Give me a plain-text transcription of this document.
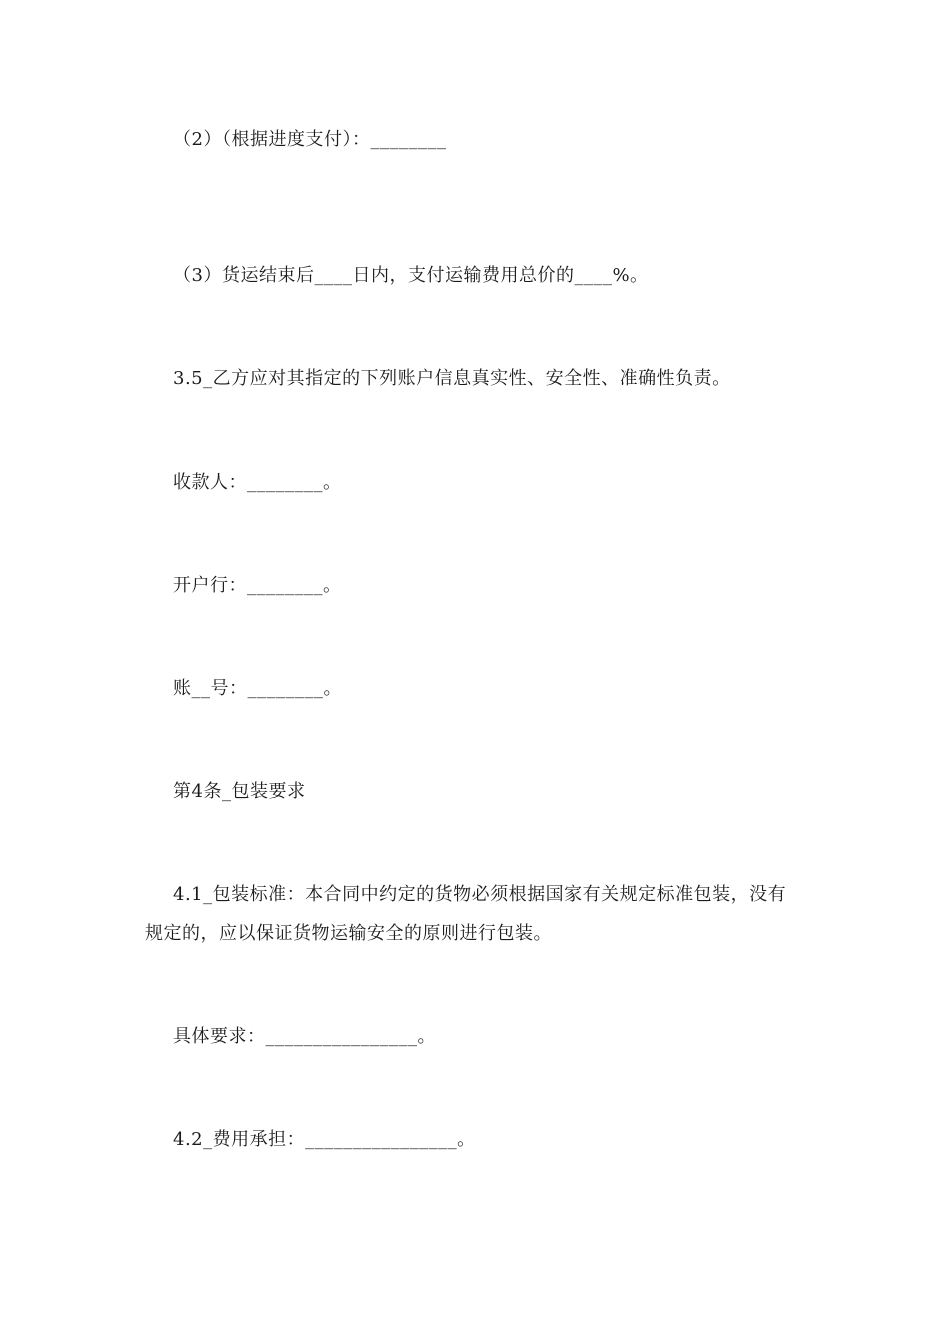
（2）（根据进度支付）：________
（3）货运结束后____日内，支付运输费用总价的____%。
3.5_乙方应对其指定的下列账户信息真实性、安全性、准确性负责。
收款人：________。
开户行：________。
账__号：________。
第4条_包装要求
4.1_包装标准：本合同中约定的货物必须根据国家有关规定标准包装，没有
规定的，应以保证货物运输安全的原则进行包装。
具体要求：________________。
4.2_费用承担：________________。
